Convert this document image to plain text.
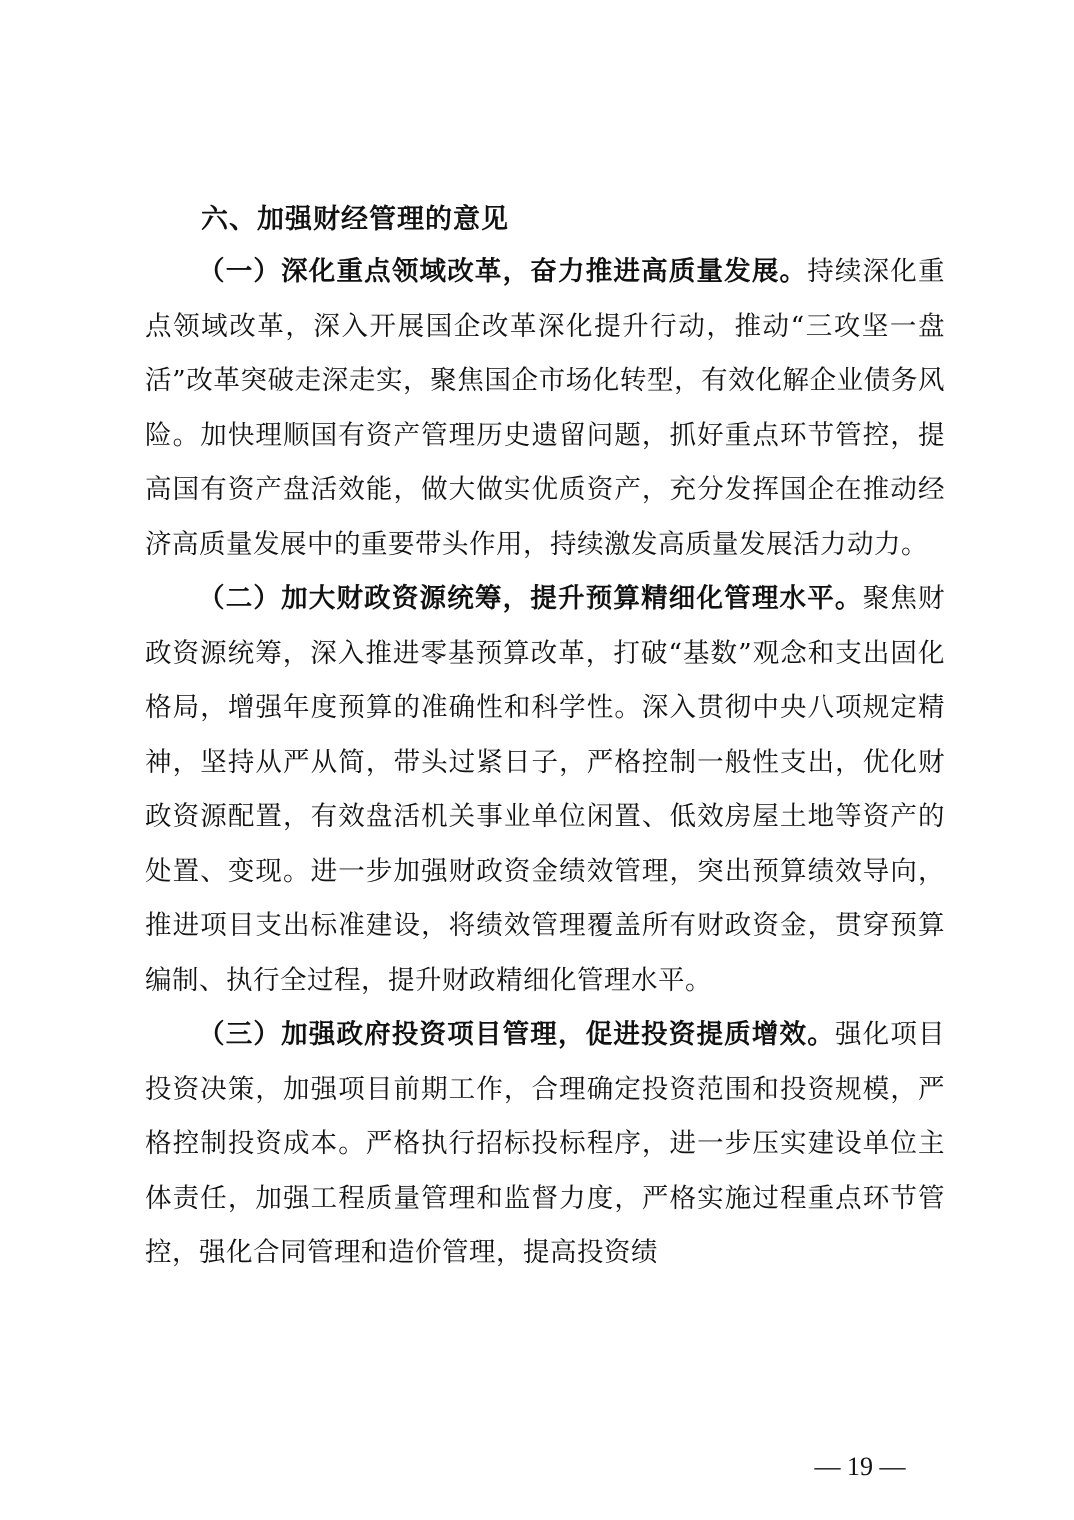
六、加强财经管理的意见

（一）深化重点领域改革，奋力推进高质量发展。持续深化重点领域改革，深入开展国企改革深化提升行动，推动“三攻坚一盘活”改革突破走深走实，聚焦国企市场化转型，有效化解企业债务风险。加快理顺国有资产管理历史遗留问题，抓好重点环节管控，提高国有资产盘活效能，做大做实优质资产，充分发挥国企在推动经济高质量发展中的重要带头作用，持续激发高质量发展活力动力。

（二）加大财政资源统筹，提升预算精细化管理水平。聚焦财政资源统筹，深入推进零基预算改革，打破“基数”观念和支出固化格局，增强年度预算的准确性和科学性。深入贯彻中央八项规定精神，坚持从严从简，带头过紧日子，严格控制一般性支出，优化财政资源配置，有效盘活机关事业单位闲置、低效房屋土地等资产的处置、变现。进一步加强财政资金绩效管理，突出预算绩效导向，推进项目支出标准建设，将绩效管理覆盖所有财政资金，贯穿预算编制、执行全过程，提升财政精细化管理水平。

（三）加强政府投资项目管理，促进投资提质增效。强化项目投资决策，加强项目前期工作，合理确定投资范围和投资规模，严格控制投资成本。严格执行招标投标程序，进一步压实建设单位主体责任，加强工程质量管理和监督力度，严格实施过程重点环节管控，强化合同管理和造价管理，提高投资绩

— 19 —
